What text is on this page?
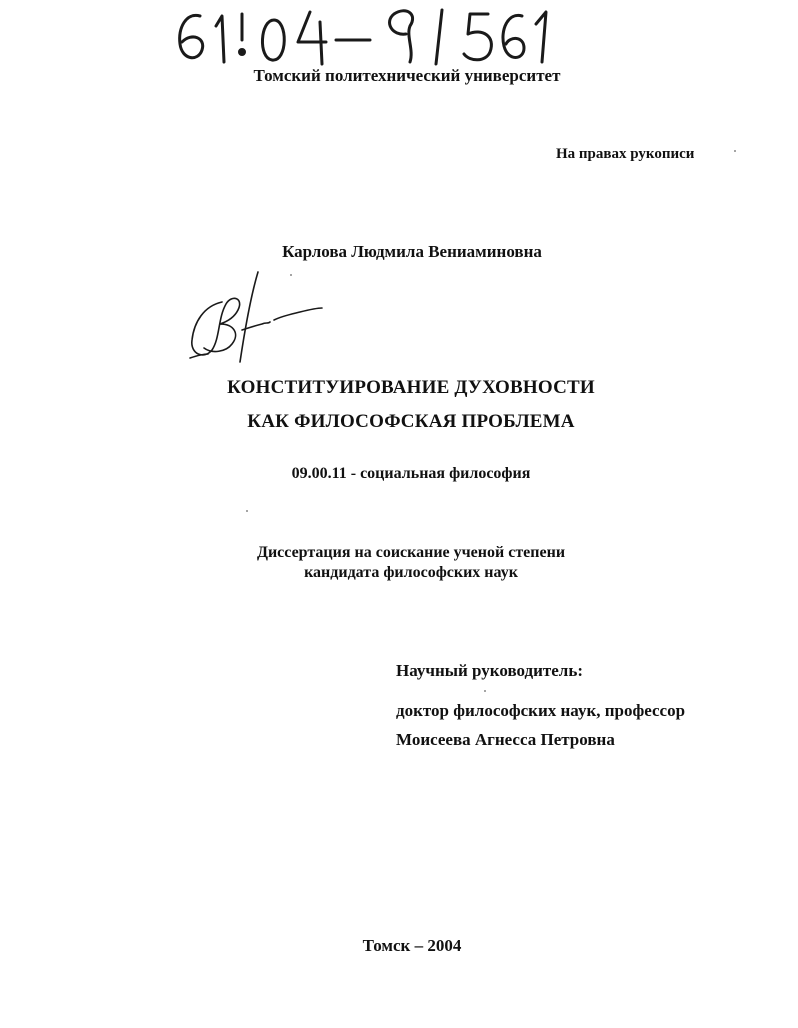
Томский политехнический университет
На правах рукописи
Карлова Людмила Вениаминовна
КОНСТИТУИРОВАНИЕ ДУХОВНОСТИ
КАК ФИЛОСОФСКАЯ ПРОБЛЕМА
09.00.11 - социальная философия
Диссертация на соискание ученой степени
кандидата философских наук
Научный руководитель:
доктор философских наук, профессор
Моисеева Агнесса Петровна
Томск – 2004
